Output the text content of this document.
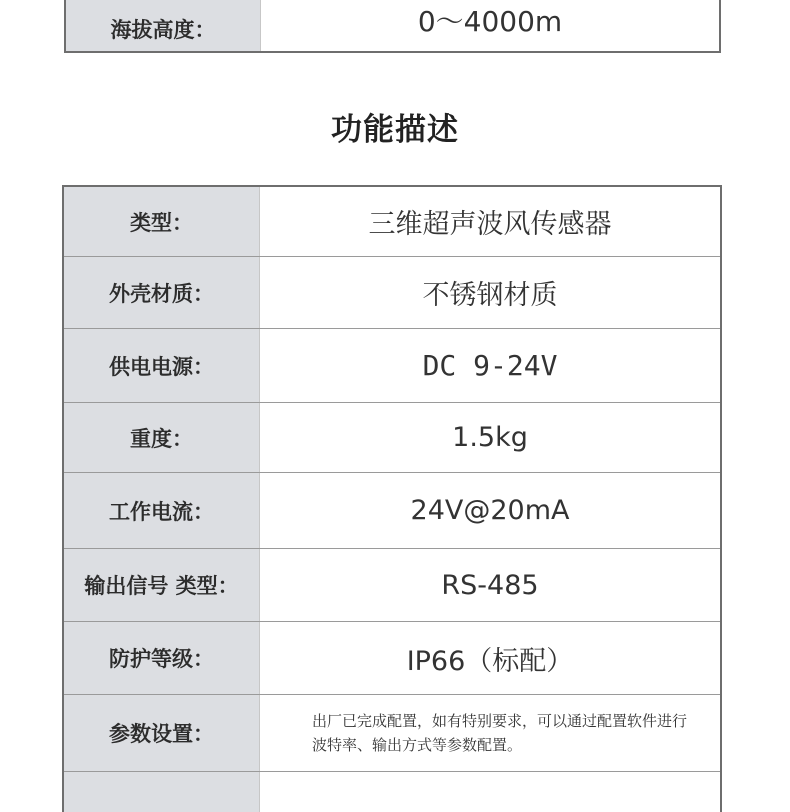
海拔高度：	0～4000m
功能描述
类型：	三维超声波风传感器
外壳材质：	不锈钢材质
供电电源：	DC 9-24V
重度：	1.5kg
工作电流：	24V@20mA
输出信号 类型：	RS-485
防护等级：	IP66（标配）
参数设置：
出厂已完成配置，如有特别要求，可以通过配置软件进行波特率、输出方式等参数配置。
